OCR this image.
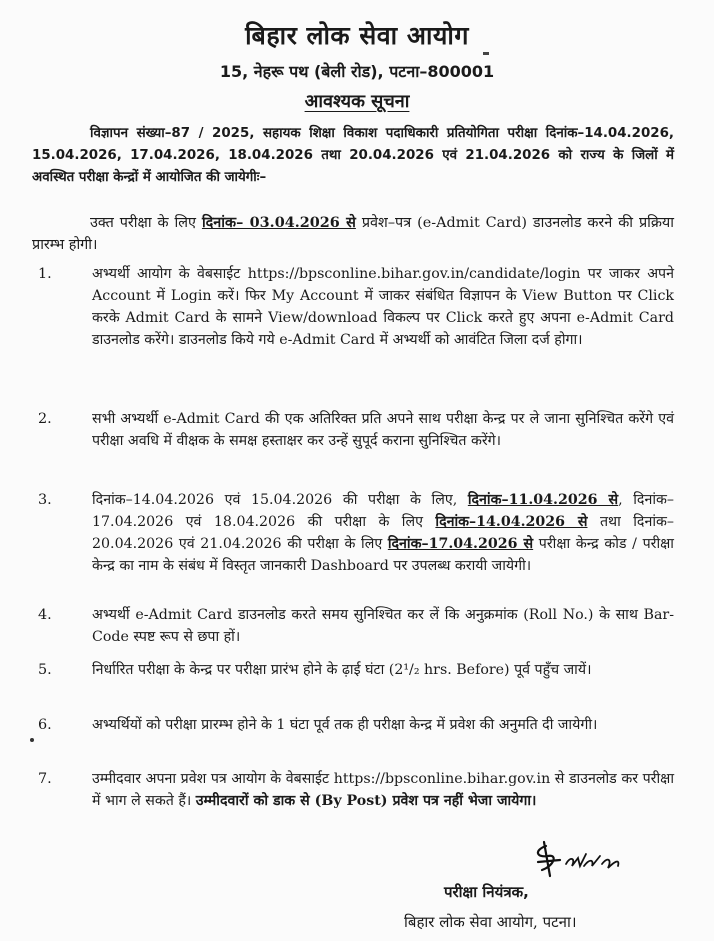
बिहार लोक सेवा आयोग
15, नेहरू पथ (बेली रोड), पटना–800001
आवश्यक सूचना
विज्ञापन संख्या–87 / 2025, सहायक शिक्षा विकाश पदाधिकारी प्रतियोगिता परीक्षा दिनांक–14.04.2026, 15.04.2026, 17.04.2026, 18.04.2026 तथा 20.04.2026 एवं 21.04.2026 को राज्य के जिलों में अवस्थित परीक्षा केन्द्रों में आयोजित की जायेगीः–
उक्त परीक्षा के लिए दिनांक– 03.04.2026 से प्रवेश–पत्र (e-Admit Card) डाउनलोड करने की प्रक्रिया प्रारम्भ होगी।
1.	अभ्यर्थी आयोग के वेबसाईट https://bpsconline.bihar.gov.in/candidate/login पर जाकर अपने Account में Login करें। फिर My Account में जाकर संबंधित विज्ञापन के View Button पर Click करके Admit Card के सामने View/download विकल्प पर Click करते हुए अपना e-Admit Card डाउनलोड करेंगे। डाउनलोड किये गये e-Admit Card में अभ्यर्थी को आवंटित जिला दर्ज होगा।
2.	सभी अभ्यर्थी e-Admit Card की एक अतिरिक्त प्रति अपने साथ परीक्षा केन्द्र पर ले जाना सुनिश्चित करेंगे एवं परीक्षा अवधि में वीक्षक के समक्ष हस्ताक्षर कर उन्हें सुपूर्द कराना सुनिश्चित करेंगे।
3.	दिनांक–14.04.2026 एवं 15.04.2026 की परीक्षा के लिए, दिनांक–11.04.2026 से, दिनांक–17.04.2026 एवं 18.04.2026 की परीक्षा के लिए दिनांक–14.04.2026 से तथा दिनांक–20.04.2026 एवं 21.04.2026 की परीक्षा के लिए दिनांक–17.04.2026 से परीक्षा केन्द्र कोड / परीक्षा केन्द्र का नाम के संबंध में विस्तृत जानकारी Dashboard पर उपलब्ध करायी जायेगी।
4.	अभ्यर्थी e-Admit Card डाउनलोड करते समय सुनिश्चित कर लें कि अनुक्रमांक (Roll No.) के साथ Bar-Code स्पष्ट रूप से छपा हों।
5.	निर्धारित परीक्षा के केन्द्र पर परीक्षा प्रारंभ होने के ढ़ाई घंटा (2¹/₂ hrs. Before) पूर्व पहुँच जायें।
6.	अभ्यर्थियों को परीक्षा प्रारम्भ होने के 1 घंटा पूर्व तक ही परीक्षा केन्द्र में प्रवेश की अनुमति दी जायेगी।
7.	उम्मीदवार अपना प्रवेश पत्र आयोग के वेबसाईट https://bpsconline.bihar.gov.in से डाउनलोड कर परीक्षा में भाग ले सकते हैं। उम्मीदवारों को डाक से (By Post) प्रवेश पत्र नहीं भेजा जायेगा।
परीक्षा नियंत्रक,
बिहार लोक सेवा आयोग, पटना।
